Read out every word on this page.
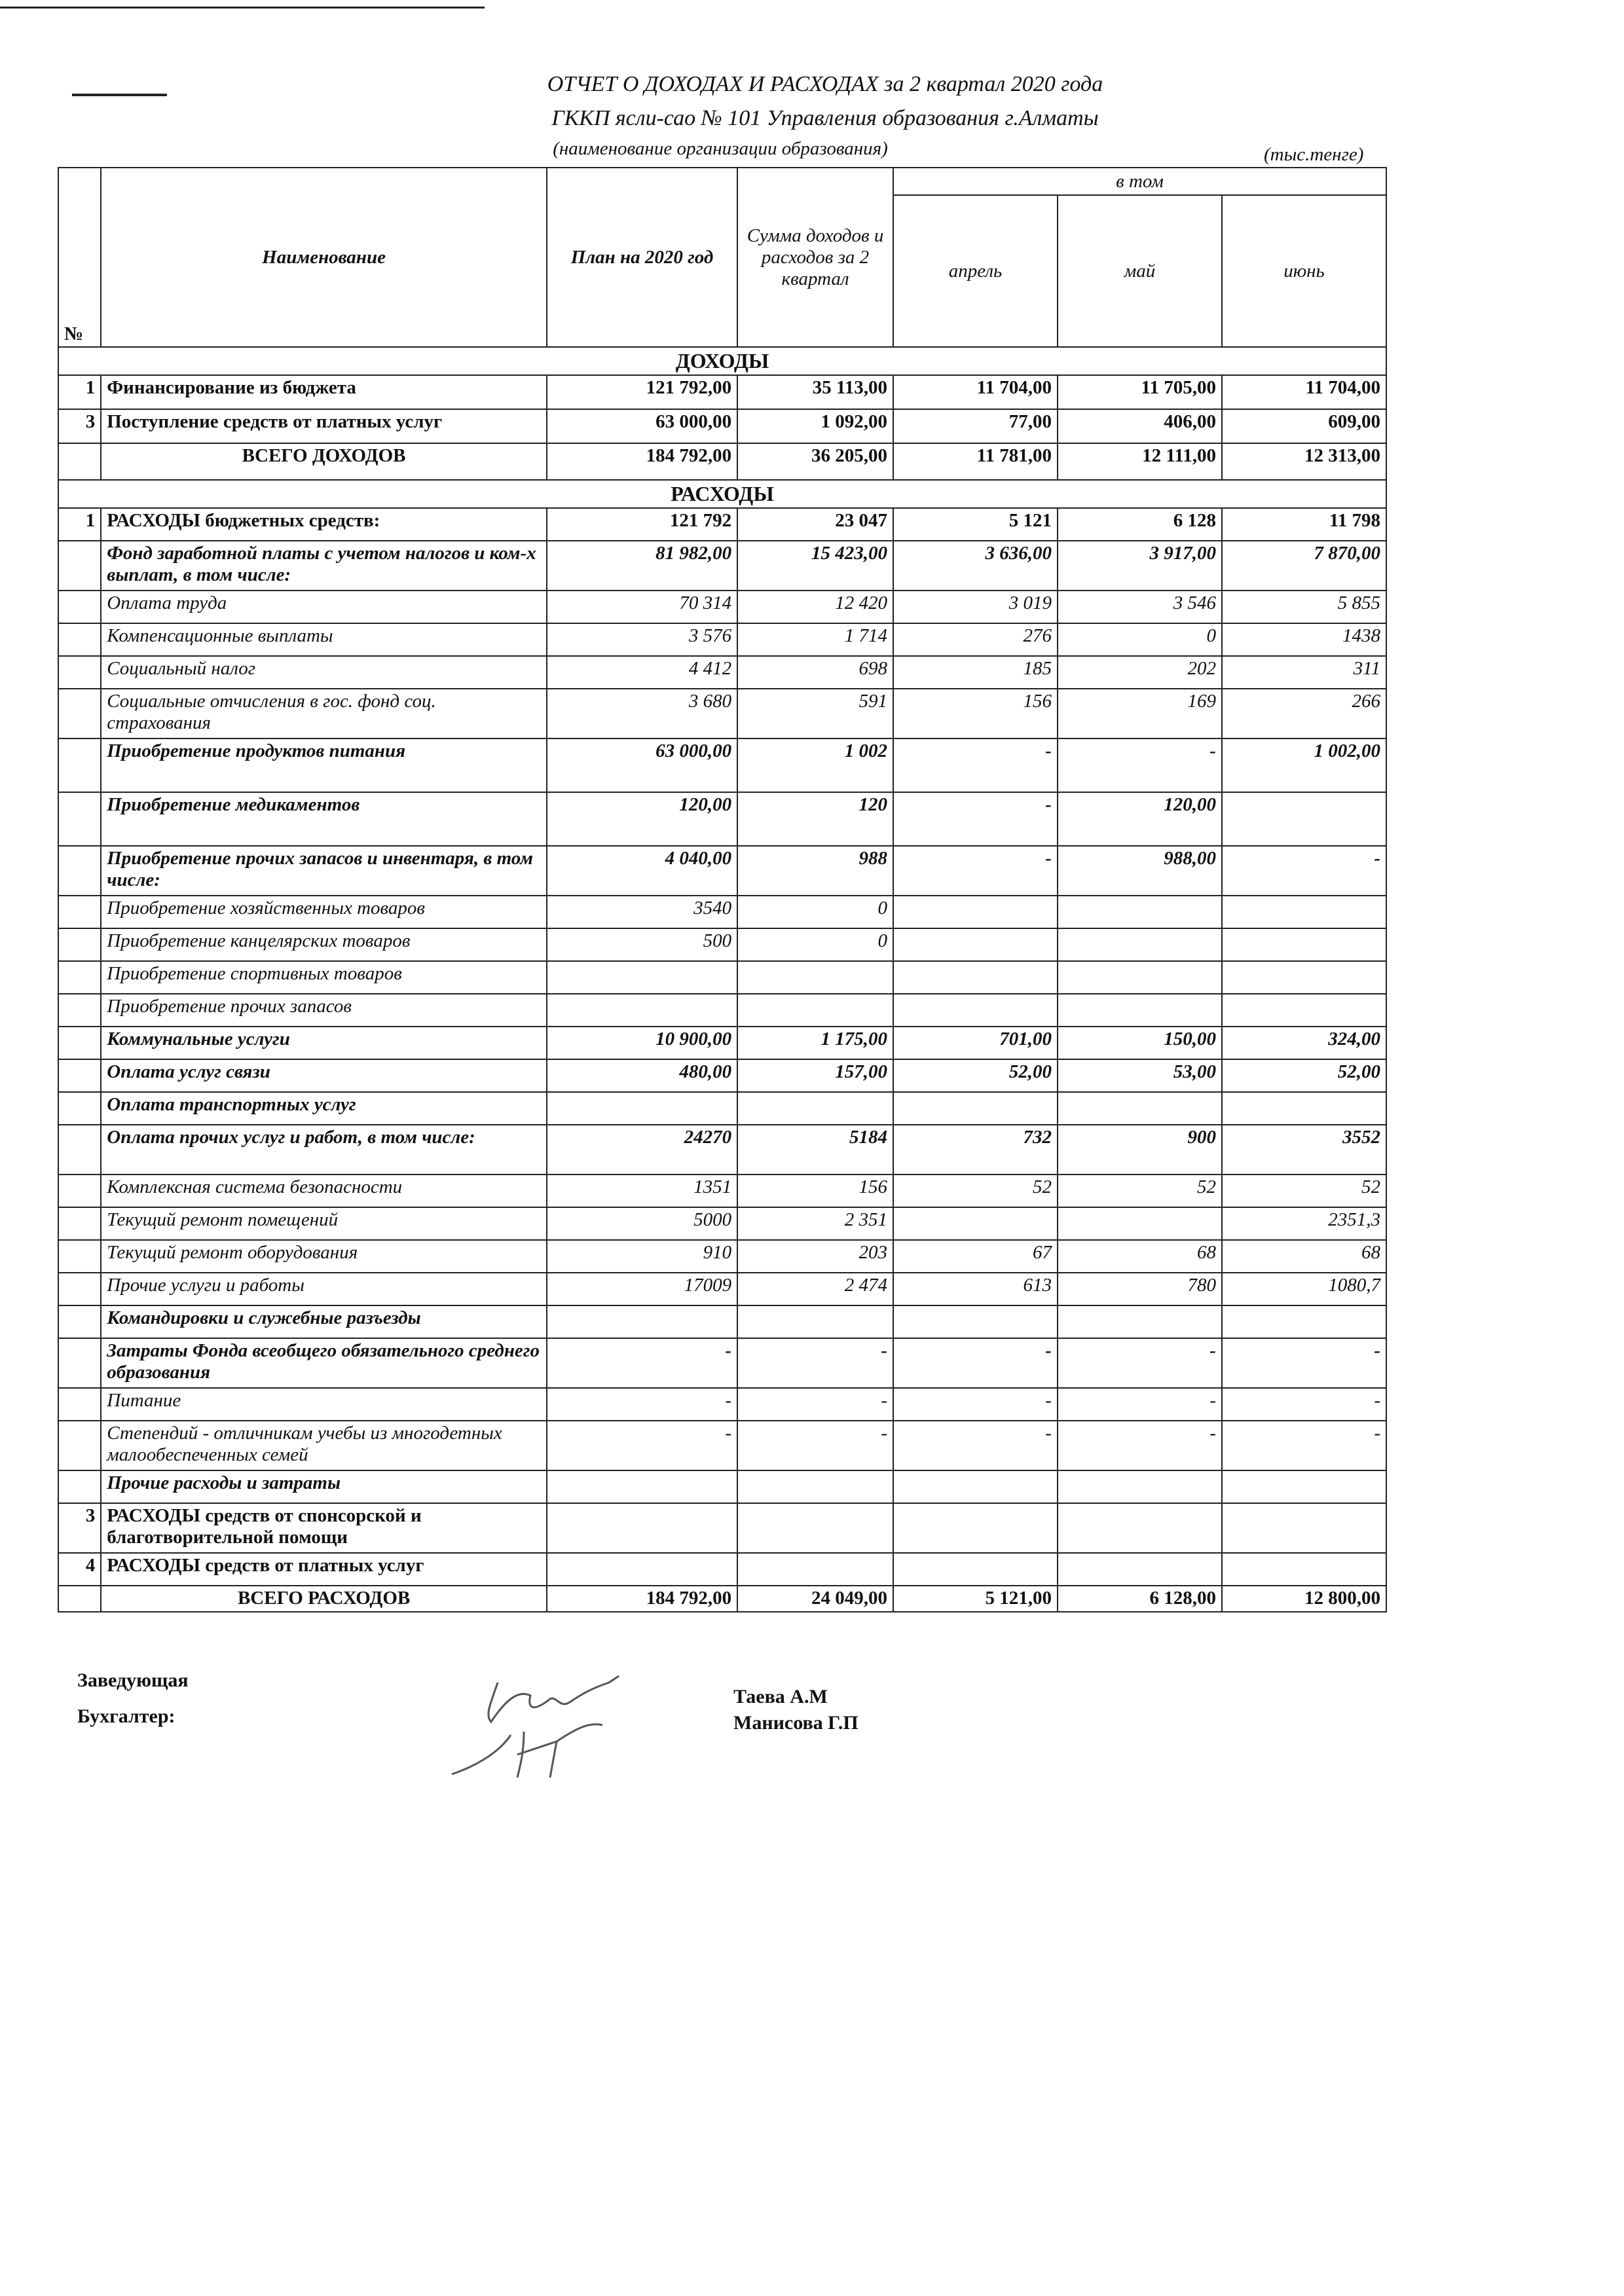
ОТЧЕТ О ДОХОДАХ И РАСХОДАХ за 2 квартал 2020 года
ГККП ясли-сао № 101 Управления образования г.Алматы
(наименование организации образования)	(тыс.тенге)
№	Наименование	План на 2020 год	Сумма доходов и расходов за 2 квартал	в том		
				апрель	май	июнь
ДОХОДЫ						
1	Финансирование из бюджета	121 792,00	35 113,00	11 704,00	11 705,00	11 704,00
3	Поступление средств от платных услуг	63 000,00	1 092,00	77,00	406,00	609,00
	ВСЕГО ДОХОДОВ	184 792,00	36 205,00	11 781,00	12 111,00	12 313,00
РАСХОДЫ						
1	РАСХОДЫ бюджетных средств:	121 792	23 047	5 121	6 128	11 798
	Фонд заработной платы с учетом налогов и ком-х выплат, в том числе:	81 982,00	15 423,00	3 636,00	3 917,00	7 870,00
	Оплата труда	70 314	12 420	3 019	3 546	5 855
	Компенсационные выплаты	3 576	1 714	276	0	1438
	Социальный налог	4 412	698	185	202	311
	Социальные отчисления в гос. фонд соц. страхования	3 680	591	156	169	266
	Приобретение продуктов питания	63 000,00	1 002	-	-	1 002,00
	Приобретение медикаментов	120,00	120	-	120,00	
	Приобретение прочих запасов и инвентаря, в том числе:	4 040,00	988	-	988,00	-
	Приобретение хозяйственных товаров	3540	0			
	Приобретение канцелярских товаров	500	0			
	Приобретение спортивных товаров					
	Приобретение прочих запасов					
	Коммунальные услуги	10 900,00	1 175,00	701,00	150,00	324,00
	Оплата услуг связи	480,00	157,00	52,00	53,00	52,00
	Оплата транспортных услуг					
	Оплата прочих услуг и работ, в том числе:	24270	5184	732	900	3552
	Комплексная система безопасности	1351	156	52	52	52
	Текущий ремонт помещений	5000	2 351			2351,3
	Текущий ремонт оборудования	910	203	67	68	68
	Прочие услуги и работы	17009	2 474	613	780	1080,7
	Командировки и служебные разъезды					
	Затраты Фонда всеобщего обязательного среднего образования	-	-	-	-	-
	Питание	-	-	-	-	-
	Степендий - отличникам учебы из многодетных малообеспеченных семей	-	-	-	-	-
	Прочие расходы и затраты					
3	РАСХОДЫ средств от спонсорской и благотворительной помощи					
4	РАСХОДЫ средств от платных услуг					
	ВСЕГО РАСХОДОВ	184 792,00	24 049,00	5 121,00	6 128,00	12 800,00
Заведующая
Таева А.М
Бухгалтер:	Манисова Г.П
